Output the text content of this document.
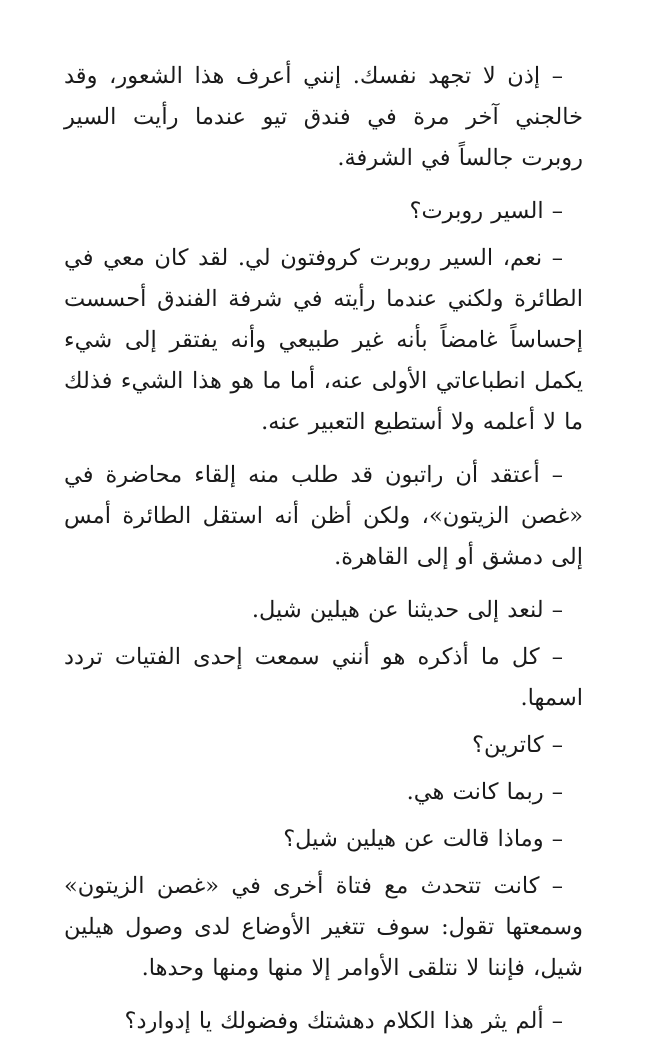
– إذن لا تجهد نفسك. إنني أعرف هذا الشعور، وقد خالجني آخر مرة في فندق تيو عندما رأيت السير روبرت جالساً في الشرفة.

– السير روبرت؟

– نعم، السير روبرت كروفتون لي. لقد كان معي في الطائرة ولكني عندما رأيته في شرفة الفندق أحسست إحساساً غامضاً بأنه غير طبيعي وأنه يفتقر إلى شيء يكمل انطباعاتي الأولى عنه، أما ما هو هذا الشيء فذلك ما لا أعلمه ولا أستطيع التعبير عنه.

– أعتقد أن راتبون قد طلب منه إلقاء محاضرة في «غصن الزيتون»، ولكن أظن أنه استقل الطائرة أمس إلى دمشق أو إلى القاهرة.

– لنعد إلى حديثنا عن هيلين شيل.

– كل ما أذكره هو أنني سمعت إحدى الفتيات تردد اسمها.

– كاترين؟

– ربما كانت هي.

– وماذا قالت عن هيلين شيل؟

– كانت تتحدث مع فتاة أخرى في «غصن الزيتون» وسمعتها تقول: سوف تتغير الأوضاع لدى وصول هيلين شيل، فإننا لا نتلقى الأوامر إلا منها ومنها وحدها.

– ألم يثر هذا الكلام دهشتك وفضولك يا إدوارد؟
